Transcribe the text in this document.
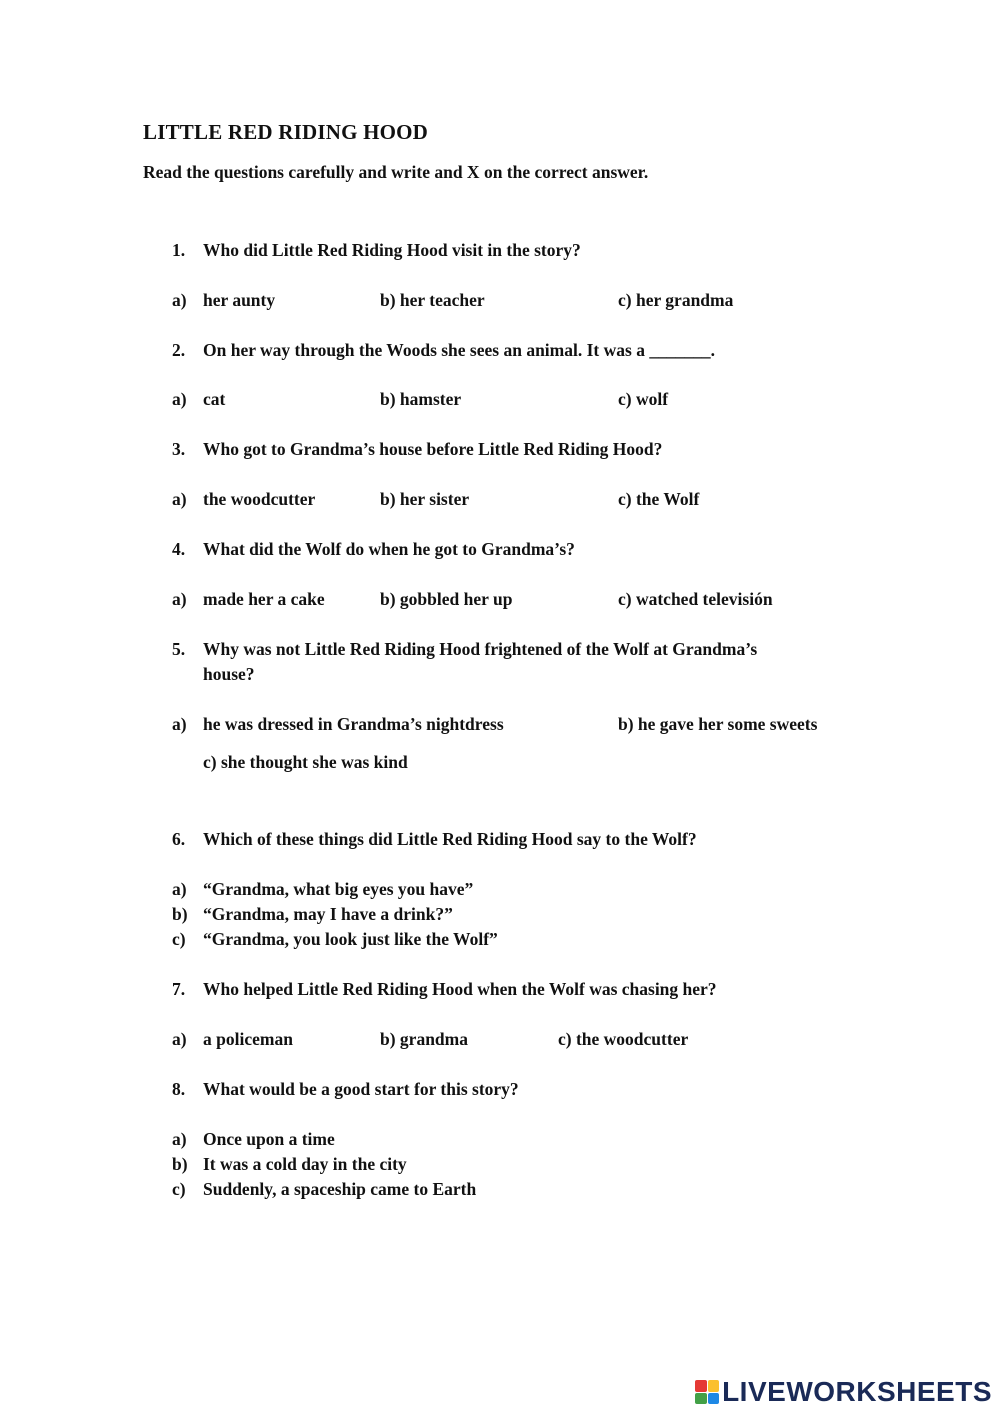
LITTLE RED RIDING HOOD
Read the questions carefully and write and X on the correct answer.
1. Who did Little Red Riding Hood visit in the story?
a) her aunty	b) her teacher	c) her grandma
2. On her way through the Woods she sees an animal. It was a _______.
a) cat	b) hamster	c) wolf
3. Who got to Grandma’s house before Little Red Riding Hood?
a) the woodcutter	b) her sister	c) the Wolf
4. What did the Wolf do when he got to Grandma’s?
a) made her a cake	b) gobbled her up	c) watched televisión
5. Why was not Little Red Riding Hood frightened of the Wolf at Grandma’s
house?
a) he was dressed in Grandma’s nightdress	b) he gave her some sweets
c) she thought she was kind
6. Which of these things did Little Red Riding Hood say to the Wolf?
a) “Grandma, what big eyes you have”
b) “Grandma, may I have a drink?”
c) “Grandma, you look just like the Wolf”
7. Who helped Little Red Riding Hood when the Wolf was chasing her?
a) a policeman	b) grandma	c) the woodcutter
8. What would be a good start for this story?
a) Once upon a time
b) It was a cold day in the city
c) Suddenly, a spaceship came to Earth
LIVEWORKSHEETS
